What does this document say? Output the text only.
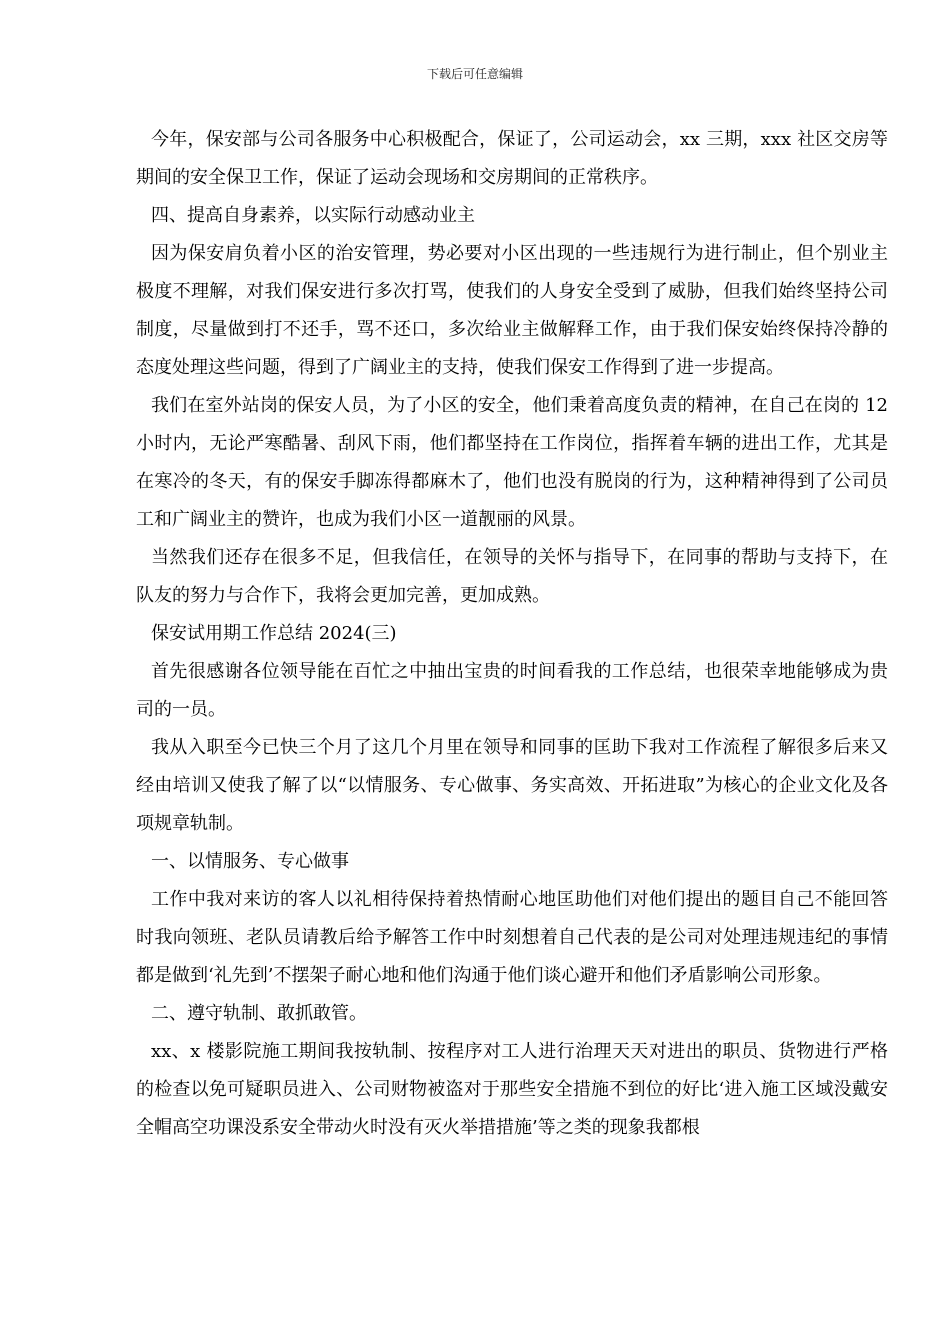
下载后可任意编辑

今年，保安部与公司各服务中心积极配合，保证了，公司运动会，xx 三期，xxx 社区交房等期间的安全保卫工作，保证了运动会现场和交房期间的正常秩序。

四、提高自身素养，以实际行动感动业主

因为保安肩负着小区的治安管理，势必要对小区出现的一些违规行为进行制止，但个别业主极度不理解，对我们保安进行多次打骂，使我们的人身安全受到了威胁，但我们始终坚持公司制度，尽量做到打不还手，骂不还口，多次给业主做解释工作，由于我们保安始终保持冷静的态度处理这些问题，得到了广阔业主的支持，使我们保安工作得到了进一步提高。

我们在室外站岗的保安人员，为了小区的安全，他们秉着高度负责的精神，在自己在岗的 12 小时内，无论严寒酷暑、刮风下雨，他们都坚持在工作岗位，指挥着车辆的进出工作，尤其是在寒冷的冬天，有的保安手脚冻得都麻木了，他们也没有脱岗的行为，这种精神得到了公司员工和广阔业主的赞许，也成为我们小区一道靓丽的风景。

当然我们还存在很多不足，但我信任，在领导的关怀与指导下，在同事的帮助与支持下，在队友的努力与合作下，我将会更加完善，更加成熟。

保安试用期工作总结 2024(三)

首先很感谢各位领导能在百忙之中抽出宝贵的时间看我的工作总结，也很荣幸地能够成为贵司的一员。

我从入职至今已快三个月了这几个月里在领导和同事的匡助下我对工作流程了解很多后来又经由培训又使我了解了以“以情服务、专心做事、务实高效、开拓进取”为核心的企业文化及各项规章轨制。

一、以情服务、专心做事

工作中我对来访的客人以礼相待保持着热情耐心地匡助他们对他们提出的题目自己不能回答时我向领班、老队员请教后给予解答工作中时刻想着自己代表的是公司对处理违规违纪的事情都是做到‘礼先到’不摆架子耐心地和他们沟通于他们谈心避开和他们矛盾影响公司形象。

二、遵守轨制、敢抓敢管。

xx、x 楼影院施工期间我按轨制、按程序对工人进行治理天天对进出的职员、货物进行严格的检查以免可疑职员进入、公司财物被盗对于那些安全措施不到位的好比‘进入施工区域没戴安全帽高空功课没系安全带动火时没有灭火举措措施’等之类的现象我都根
